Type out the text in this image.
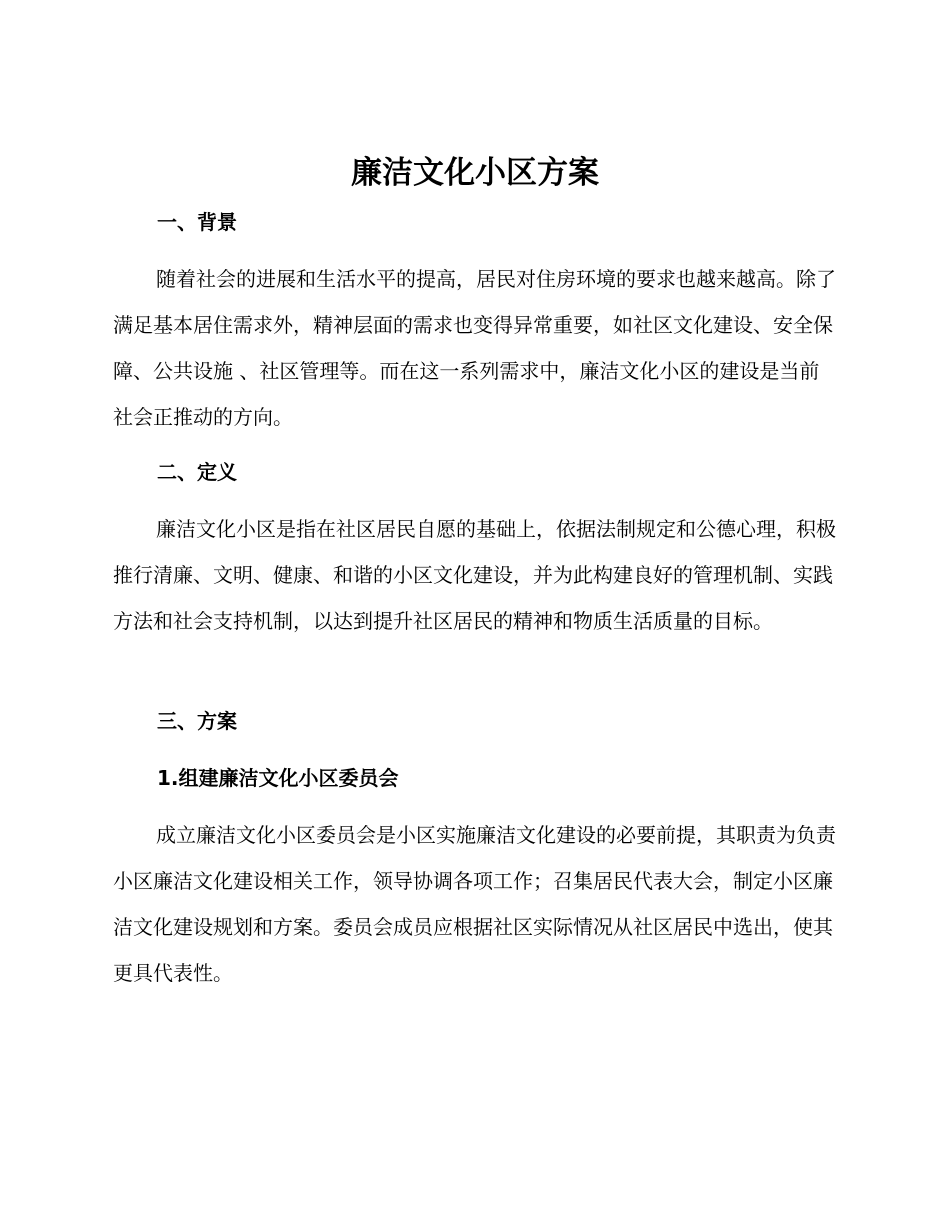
廉洁文化小区方案
一、背景

随着社会的进展和生活水平的提高，居民对住房环境的要求也越来越高。除了满足基本居住需求外，精神层面的需求也变得异常重要，如社区文化建设、安全保障、公共设施 、社区管理等。而在这一系列需求中，廉洁文化小区的建设是当前社会正推动的方向。

二、定义

廉洁文化小区是指在社区居民自愿的基础上，依据法制规定和公德心理，积极推行清廉、文明、健康、和谐的小区文化建设，并为此构建良好的管理机制、实践方法和社会支持机制，以达到提升社区居民的精神和物质生活质量的目标。

三、方案
1.组建廉洁文化小区委员会

成立廉洁文化小区委员会是小区实施廉洁文化建设的必要前提，其职责为负责小区廉洁文化建设相关工作，领导协调各项工作；召集居民代表大会，制定小区廉洁文化建设规划和方案。委员会成员应根据社区实际情况从社区居民中选出，使其更具代表性。
